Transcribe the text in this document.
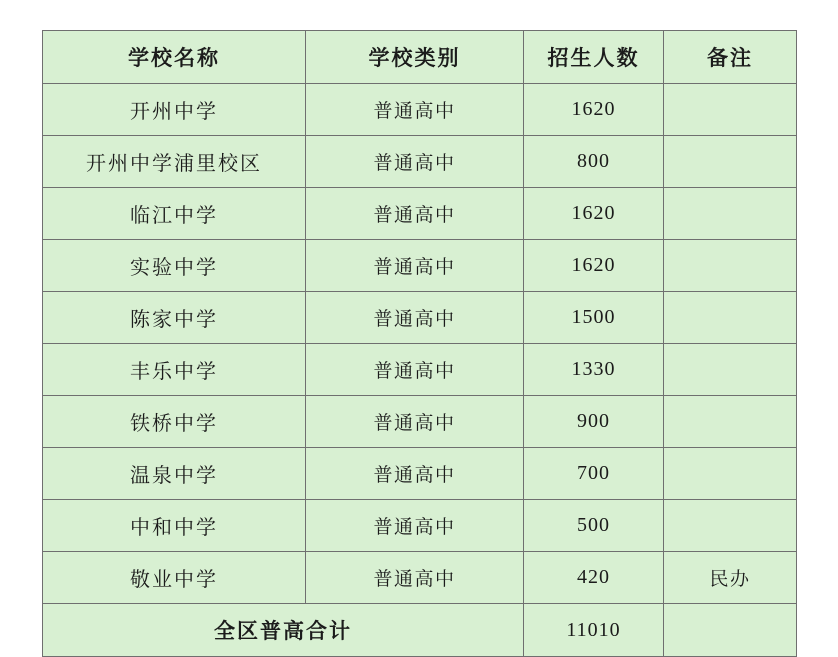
学校名称	学校类别	招生人数	备注
开州中学	普通高中	1620	
开州中学浦里校区	普通高中	800	
临江中学	普通高中	1620	
实验中学	普通高中	1620	
陈家中学	普通高中	1500	
丰乐中学	普通高中	1330	
铁桥中学	普通高中	900	
温泉中学	普通高中	700	
中和中学	普通高中	500	
敬业中学	普通高中	420	民办
全区普高合计		11010	
